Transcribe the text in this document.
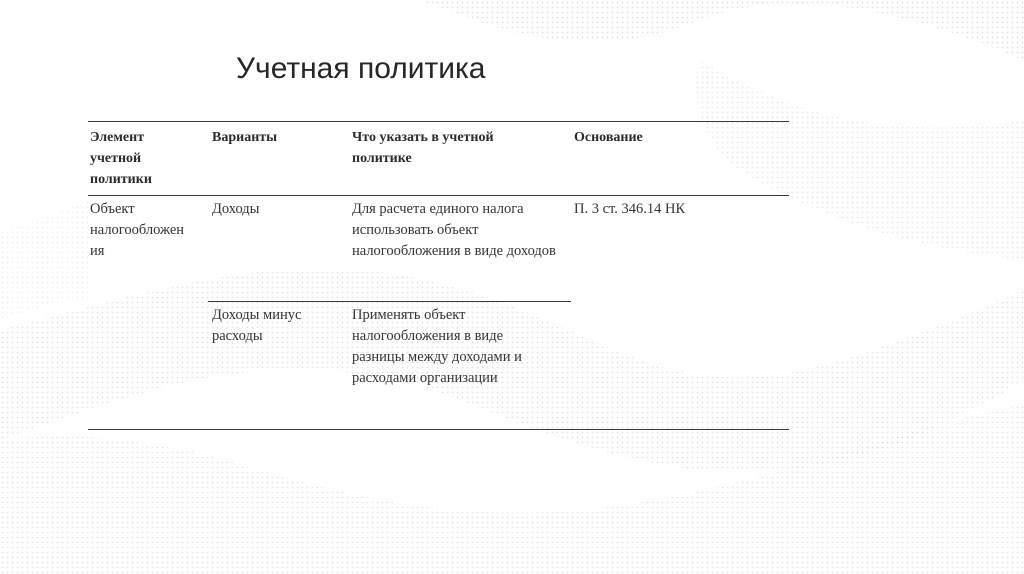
Учетная политика
Элемент учетной политики
Варианты	Что указать в учетной политике
Основание
Объект
налогообложен
ия
Доходы	Для расчета единого налога использовать объект налогообложения в виде доходов
П. 3 ст. 346.14 НК
Доходы минус расходы
Применять объект налогообложения в виде разницы между доходами и расходами организации
